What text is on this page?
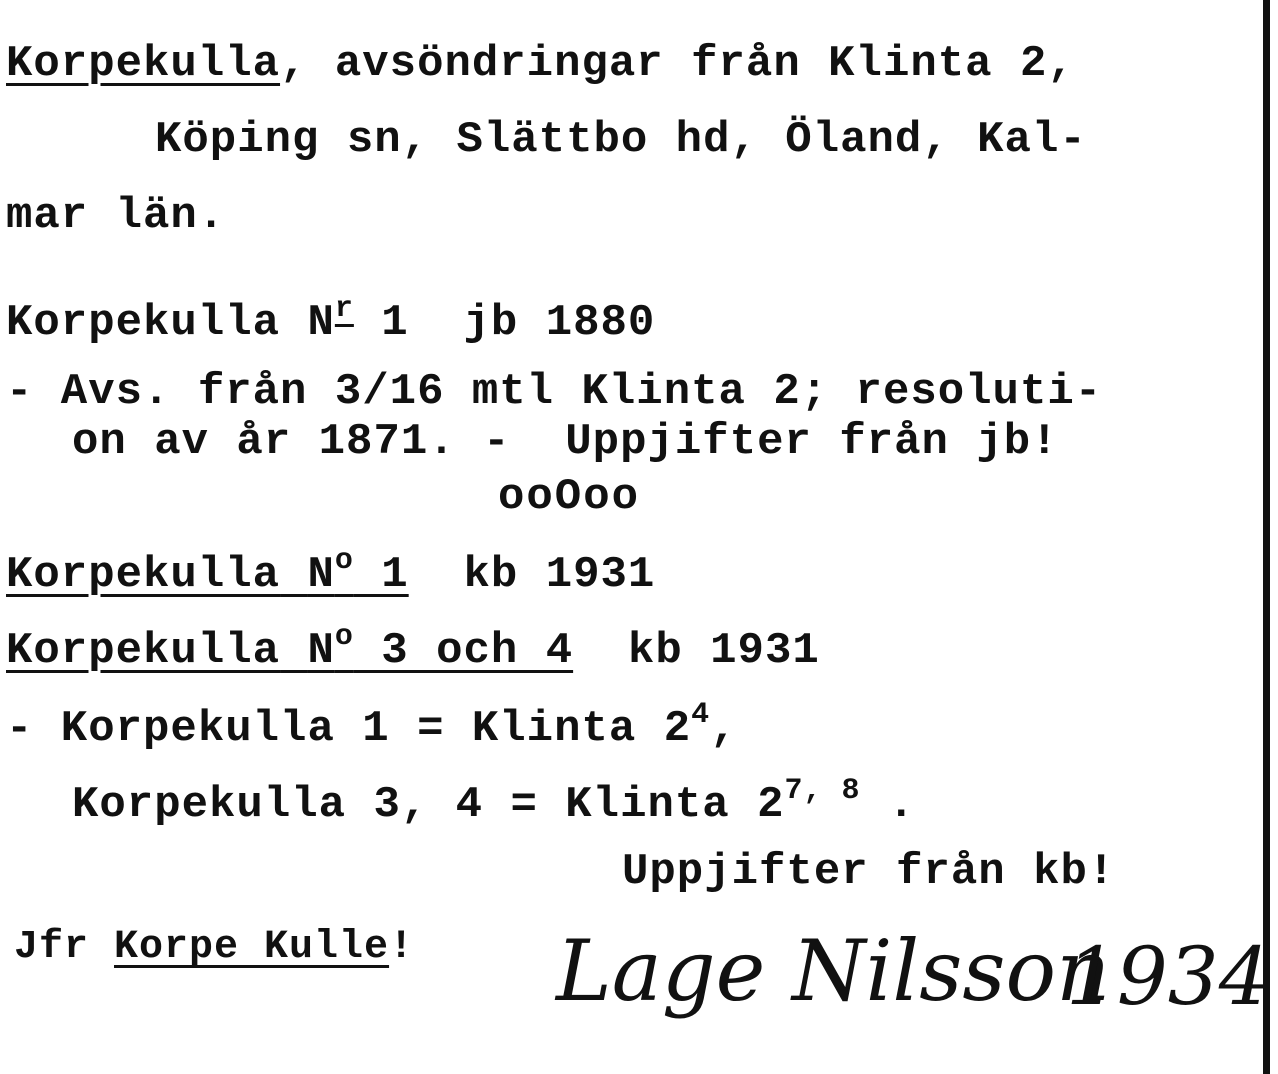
Korpekulla, avsöndringar från Klinta 2,
Köping sn, Slättbo hd, Öland, Kal-
mar län.
Korpekulla $N^r$ 1 jb 1880
- Avs. från 3/16 mtl Klinta 2; resoluti-
on av år 1871. -  Uppjifter från jb!
ooOoo
Korpekulla $N^o$ 1 kb 1931
Korpekulla $N^o$ 3 och 4 kb 1931
- Korpekulla 1 = Klinta $2^4$,
Korpekulla 3, 4 = Klinta 2$^{7, 8}$ .
Uppjifter från kb!
Jfr Korpe Kulle! Lage Nilsson
1934
